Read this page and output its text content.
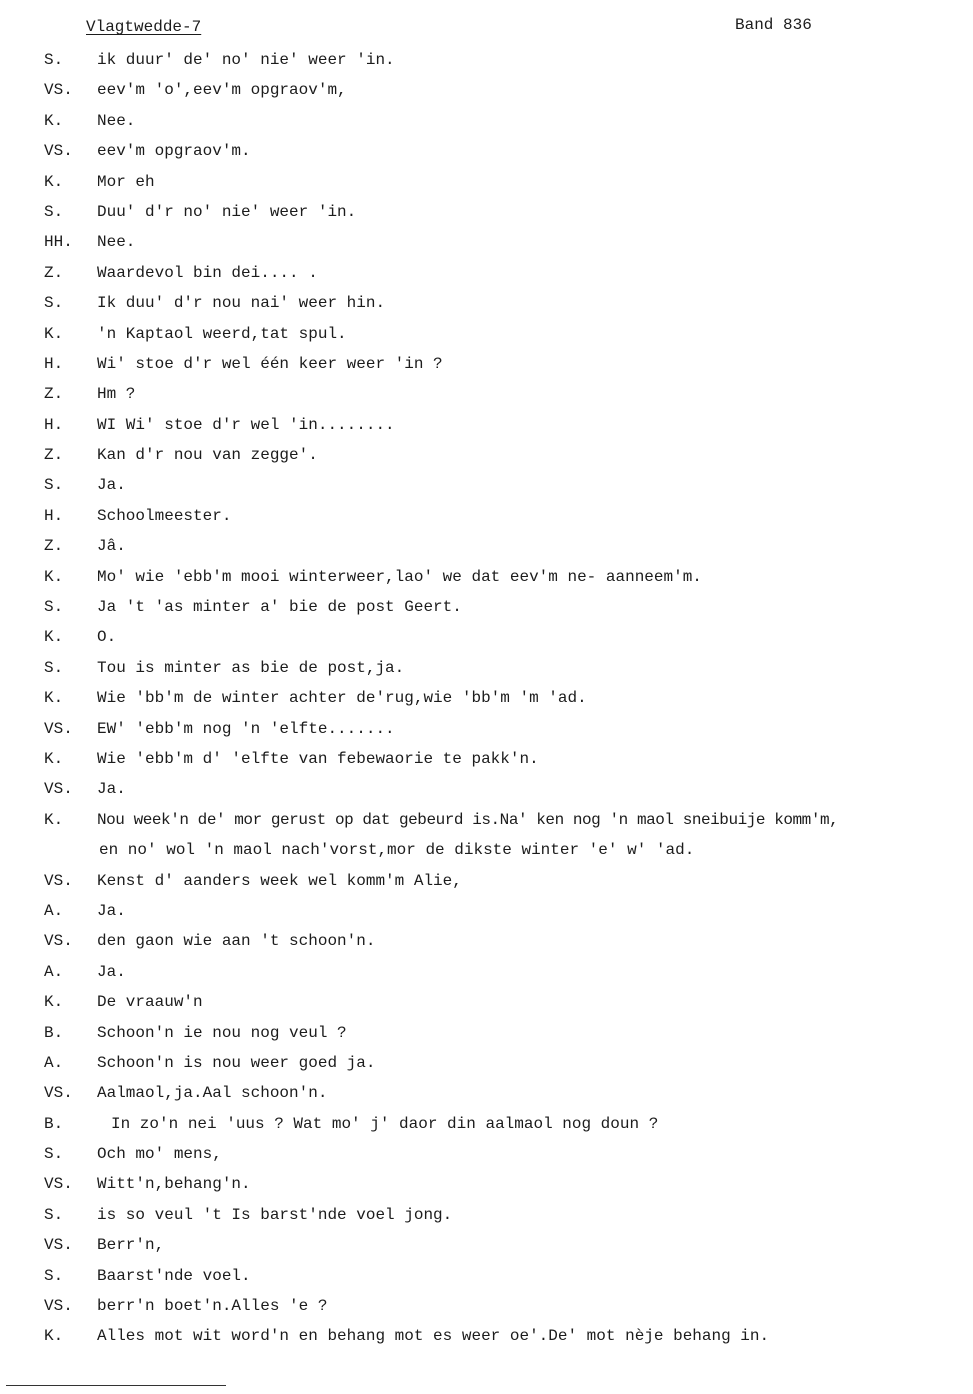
Vlagtwedde-7	Band 836
S.	ik duur' de' no' nie' weer 'in.
VS.	eev'm 'o',eev'm opgraov'm,
K.	Nee.
VS.	eev'm opgraov'm.
K.	Mor eh
S.	Duu' d'r no' nie' weer 'in.
HH.	Nee.
Z.	Waardevol bin dei.... .
S.	Ik duu' d'r nou nai' weer hin.
K.	'n Kaptaol weerd,tat spul.
H.	Wi' stoe d'r wel één keer weer 'in ?
Z.	Hm ?
H.	WI Wi' stoe d'r wel 'in........
Z.	Kan d'r nou van zegge'.
S.	Ja.
H.	Schoolmeester.
Z.	Jâ.
K.	Mo' wie 'ebb'm mooi winterweer,lao' we dat eev'm ne- aanneem'm.
S.	Ja 't 'as minter a' bie de post Geert.
K.	O.
S.	Tou is minter as bie de post,ja.
K.	Wie 'bb'm de winter achter de'rug,wie 'bb'm 'm 'ad.
VS.	EW' 'ebb'm nog 'n 'elfte.......
K.	Wie 'ebb'm d' 'elfte van febewaorie te pakk'n.
VS.	Ja.
K.	Nou week'n de' mor gerust op dat gebeurd is.Na' ken nog 'n maol sneibuije komm'm,
en no' wol 'n maol nach'vorst,mor de dikste winter 'e' w' 'ad.
VS.	Kenst d' aanders week wel komm'm Alie,
A.	Ja.
VS.	den gaon wie aan 't schoon'n.
A.	Ja.
K.	De vraauw'n
B.	Schoon'n ie nou nog veul ?
A.	Schoon'n is nou weer goed ja.
VS.	Aalmaol,ja.Aal schoon'n.
B.	In zo'n nei 'uus ? Wat mo' j' daor din aalmaol nog doun ?
S.	Och mo' mens,
VS.	Witt'n,behang'n.
S.	is so veul 't Is barst'nde voel jong.
VS.	Berr'n,
S.	Baarst'nde voel.
VS.	berr'n boet'n.Alles 'e ?
K.	Alles mot wit word'n en behang mot es weer oe'.De' mot nèje behang in.
